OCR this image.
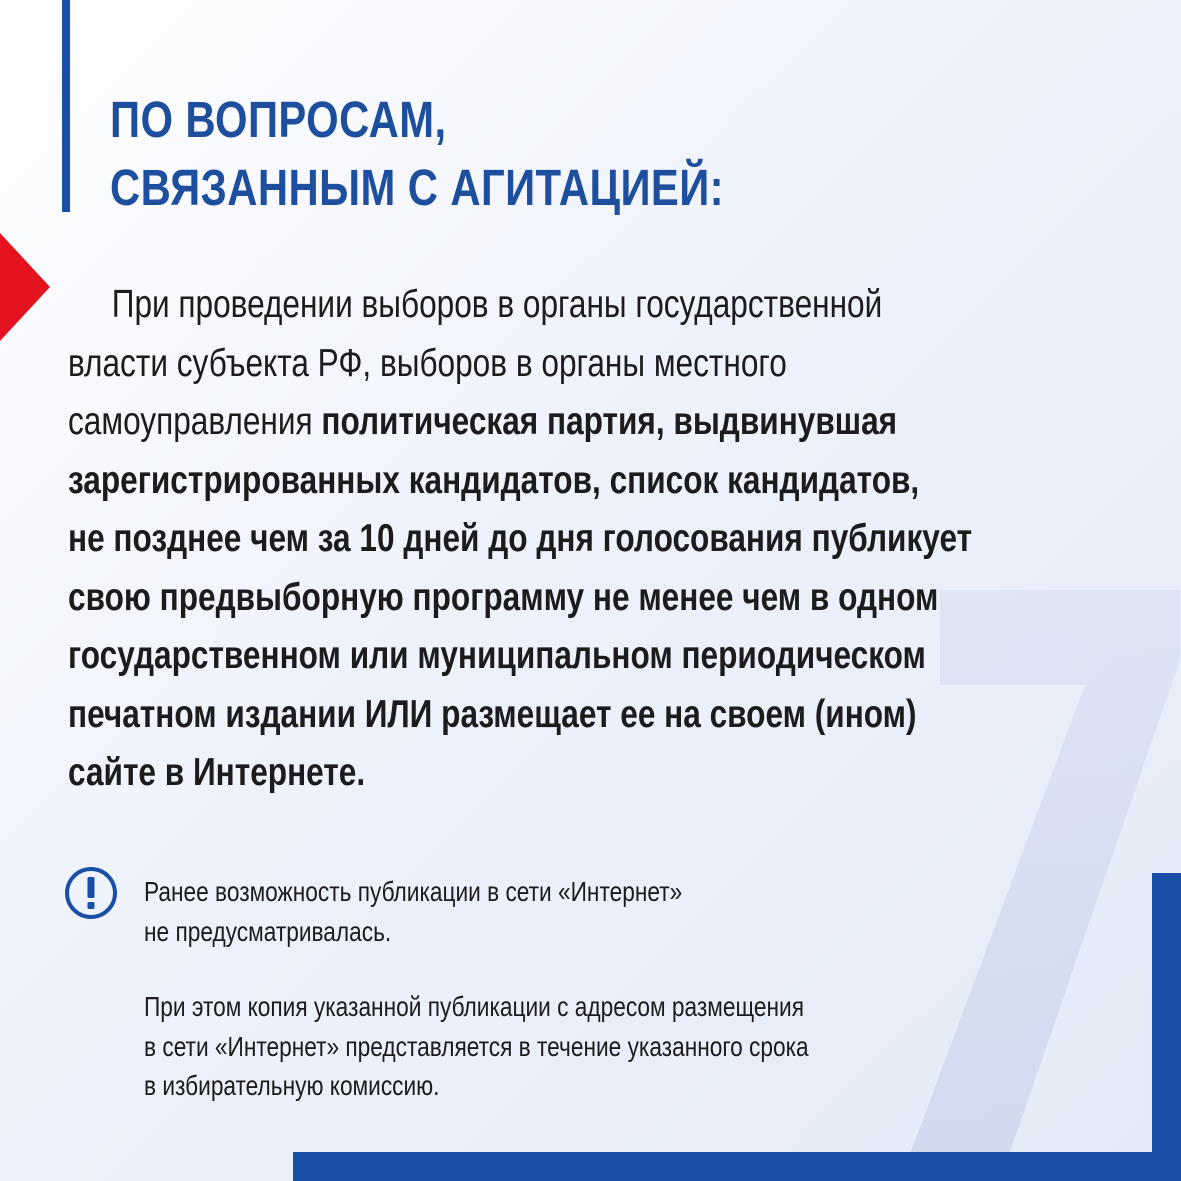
ПО ВОПРОСАМ,
СВЯЗАННЫМ С АГИТАЦИЕЙ:
При проведении выборов в органы государственной
власти субъекта РФ, выборов в органы местного
самоуправления политическая партия, выдвинувшая
зарегистрированных кандидатов, список кандидатов,
не позднее чем за 10 дней до дня голосования публикует
свою предвыборную программу не менее чем в одном
государственном или муниципальном периодическом
печатном издании ИЛИ размещает ее на своем (ином)
сайте в Интернете.
Ранее возможность публикации в сети «Интернет»
не предусматривалась.
При этом копия указанной публикации с адресом размещения
в сети «Интернет» представляется в течение указанного срока
в избирательную комиссию.
